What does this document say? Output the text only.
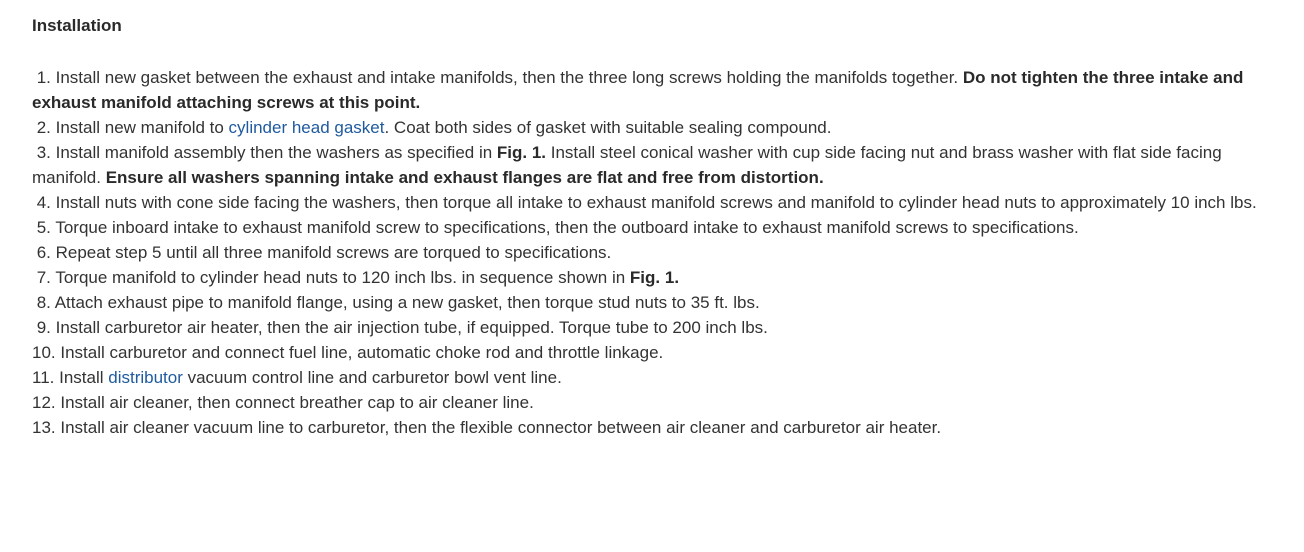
Installation
1. Install new gasket between the exhaust and intake manifolds, then the three long screws holding the manifolds together. Do not tighten the three intake and exhaust manifold attaching screws at this point.
2. Install new manifold to cylinder head gasket. Coat both sides of gasket with suitable sealing compound.
3. Install manifold assembly then the washers as specified in Fig. 1. Install steel conical washer with cup side facing nut and brass washer with flat side facing manifold. Ensure all washers spanning intake and exhaust flanges are flat and free from distortion.
4. Install nuts with cone side facing the washers, then torque all intake to exhaust manifold screws and manifold to cylinder head nuts to approximately 10 inch lbs.
5. Torque inboard intake to exhaust manifold screw to specifications, then the outboard intake to exhaust manifold screws to specifications.
6. Repeat step 5 until all three manifold screws are torqued to specifications.
7. Torque manifold to cylinder head nuts to 120 inch lbs. in sequence shown in Fig. 1.
8. Attach exhaust pipe to manifold flange, using a new gasket, then torque stud nuts to 35 ft. lbs.
9. Install carburetor air heater, then the air injection tube, if equipped. Torque tube to 200 inch lbs.
10. Install carburetor and connect fuel line, automatic choke rod and throttle linkage.
11. Install distributor vacuum control line and carburetor bowl vent line.
12. Install air cleaner, then connect breather cap to air cleaner line.
13. Install air cleaner vacuum line to carburetor, then the flexible connector between air cleaner and carburetor air heater.
